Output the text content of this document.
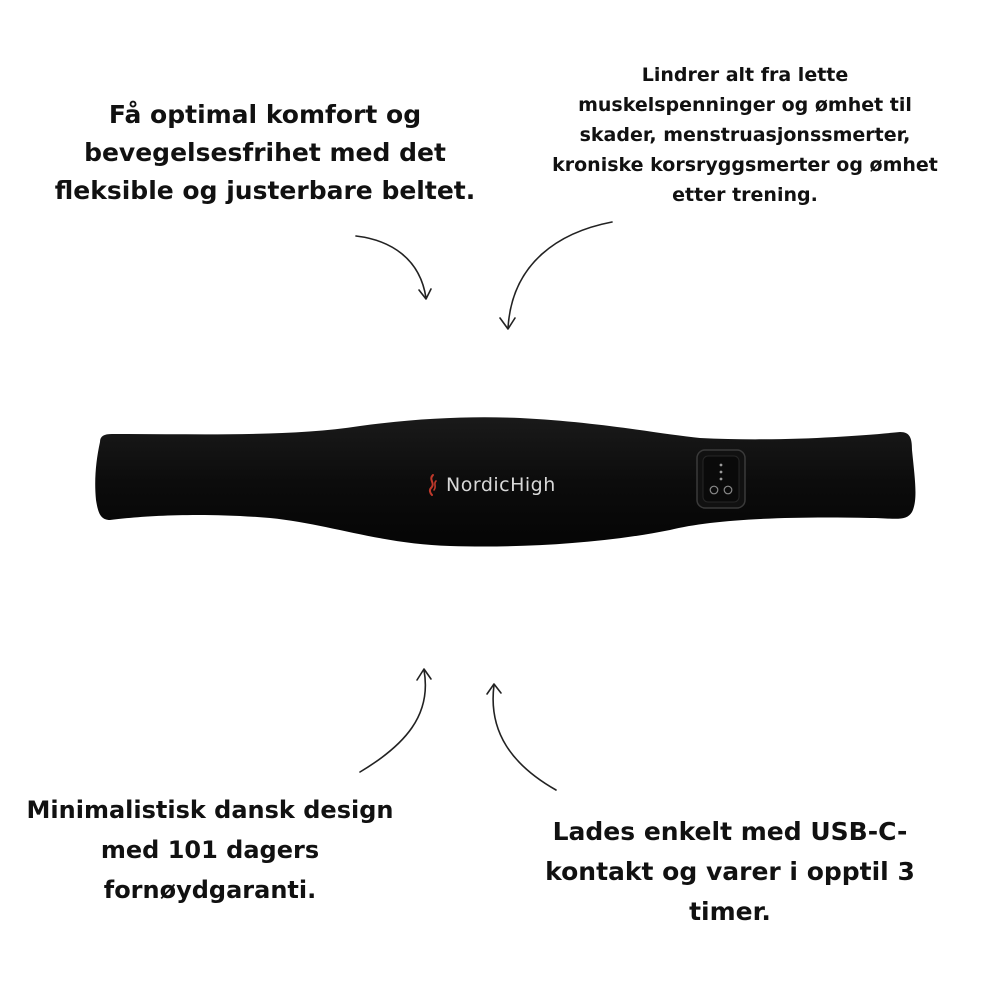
Få optimal komfort og
bevegelsesfrihet med det
fleksible og justerbare beltet.

Lindrer alt fra lette
muskelspenninger og ømhet til
skader, menstruasjonssmerter,
kroniske korsryggsmerter og ømhet
etter trening.

Minimalistisk dansk design
med 101 dagers
fornøydgaranti.

Lades enkelt med USB-C-
kontakt og varer i opptil 3
timer.

NordicHigh
